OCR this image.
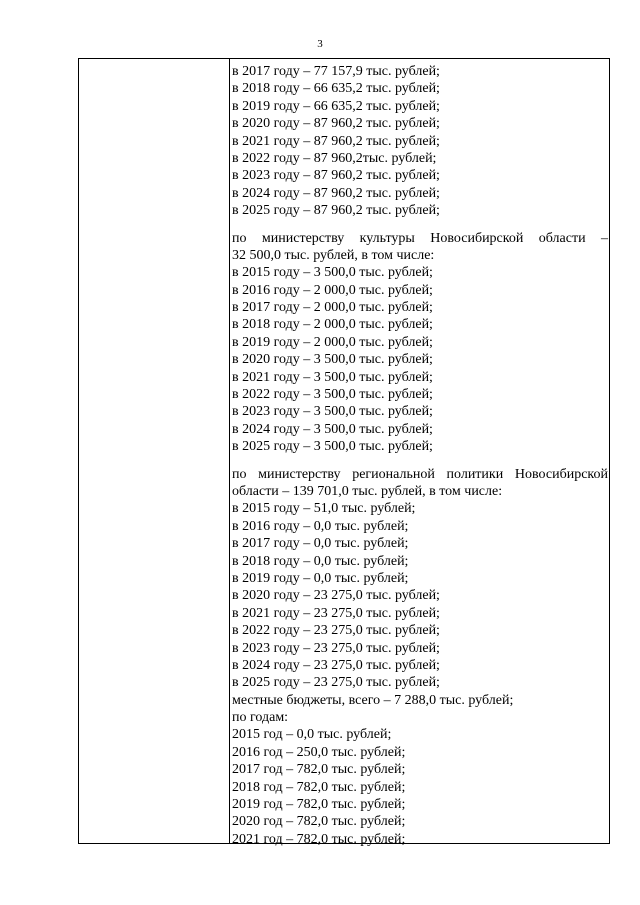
3
в 2017 году – 77 157,9 тыс. рублей;
в 2018 году – 66 635,2 тыс. рублей;
в 2019 году – 66 635,2 тыс. рублей;
в 2020 году – 87 960,2 тыс. рублей;
в 2021 году – 87 960,2 тыс. рублей;
в 2022 году – 87 960,2тыс. рублей;
в 2023 году – 87 960,2 тыс. рублей;
в 2024 году – 87 960,2 тыс. рублей;
в 2025 году – 87 960,2 тыс. рублей;
по министерству культуры Новосибирской области –
32 500,0 тыс. рублей, в том числе:
в 2015 году – 3 500,0 тыс. рублей;
в 2016 году – 2 000,0 тыс. рублей;
в 2017 году – 2 000,0 тыс. рублей;
в 2018 году – 2 000,0 тыс. рублей;
в 2019 году – 2 000,0 тыс. рублей;
в 2020 году – 3 500,0 тыс. рублей;
в 2021 году – 3 500,0 тыс. рублей;
в 2022 году – 3 500,0 тыс. рублей;
в 2023 году – 3 500,0 тыс. рублей;
в 2024 году – 3 500,0 тыс. рублей;
в 2025 году – 3 500,0 тыс. рублей;
по министерству региональной политики Новосибирской
области – 139 701,0 тыс. рублей, в том числе:
в 2015 году – 51,0 тыс. рублей;
в 2016 году – 0,0 тыс. рублей;
в 2017 году – 0,0 тыс. рублей;
в 2018 году – 0,0 тыс. рублей;
в 2019 году – 0,0 тыс. рублей;
в 2020 году – 23 275,0 тыс. рублей;
в 2021 году – 23 275,0 тыс. рублей;
в 2022 году – 23 275,0 тыс. рублей;
в 2023 году – 23 275,0 тыс. рублей;
в 2024 году – 23 275,0 тыс. рублей;
в 2025 году – 23 275,0 тыс. рублей;
местные бюджеты, всего – 7 288,0 тыс. рублей;
по годам:
2015 год – 0,0 тыс. рублей;
2016 год – 250,0 тыс. рублей;
2017 год – 782,0 тыс. рублей;
2018 год – 782,0 тыс. рублей;
2019 год – 782,0 тыс. рублей;
2020 год – 782,0 тыс. рублей;
2021 год – 782,0 тыс. рублей;
